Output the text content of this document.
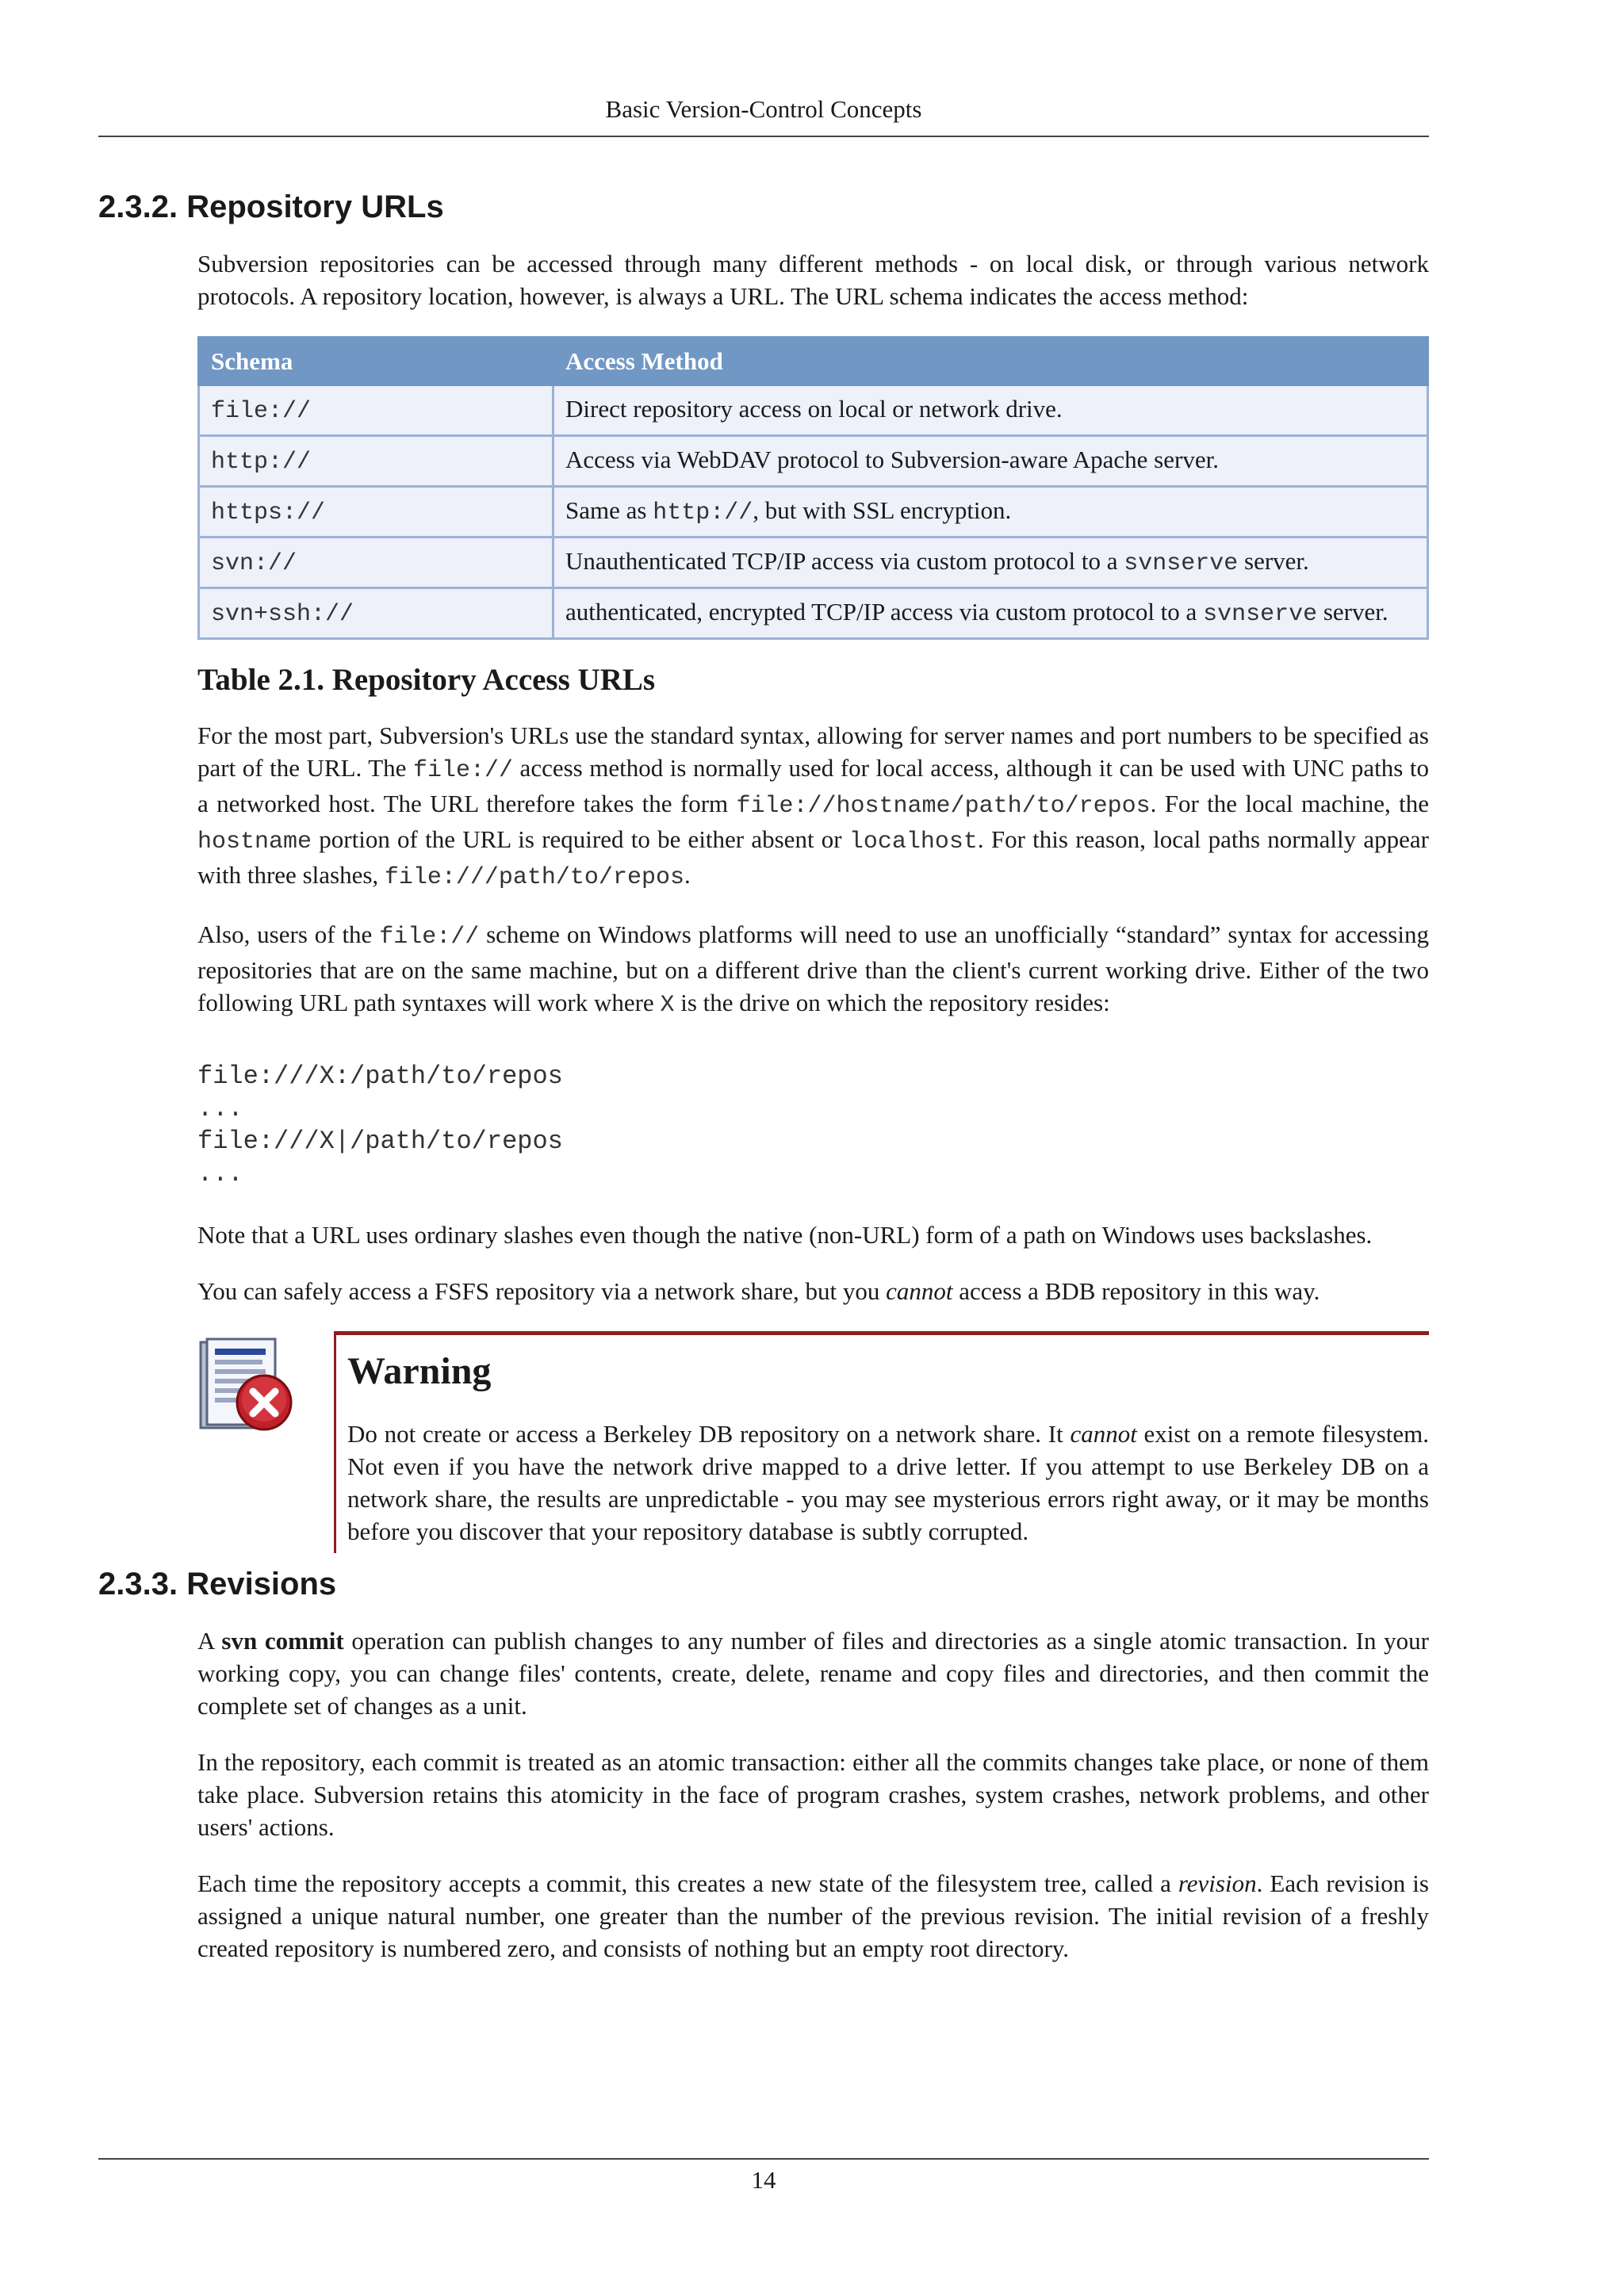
Basic Version-Control Concepts
2.3.2. Repository URLs

Subversion repositories can be accessed through many different methods - on local disk, or through various network protocols. A repository location, however, is always a URL. The URL schema indicates the access method:

Schema	Access Method
file://	Direct repository access on local or network drive.
http://	Access via WebDAV protocol to Subversion-aware Apache server.
https://	Same as http://, but with SSL encryption.
svn://	Unauthenticated TCP/IP access via custom protocol to a svnserve server.
svn+ssh://	authenticated, encrypted TCP/IP access via custom protocol to a svnserve server.
Table 2.1. Repository Access URLs

For the most part, Subversion's URLs use the standard syntax, allowing for server names and port numbers to be specified as part of the URL. The file:// access method is normally used for local access, although it can be used with UNC paths to a networked host. The URL therefore takes the form file://hostname/path/to/repos. For the local machine, the hostname portion of the URL is required to be either absent or localhost. For this reason, local paths normally appear with three slashes, file:///path/to/repos.

Also, users of the file:// scheme on Windows platforms will need to use an unofficially “standard” syntax for accessing repositories that are on the same machine, but on a different drive than the client's current working drive. Either of the two following URL path syntaxes will work where X is the drive on which the repository resides:

file:///X:/path/to/repos
...
file:///X|/path/to/repos
...

Note that a URL uses ordinary slashes even though the native (non-URL) form of a path on Windows uses backslashes.

You can safely access a FSFS repository via a network share, but you cannot access a BDB repository in this way.

Warning

Do not create or access a Berkeley DB repository on a network share. It cannot exist on a remote filesystem. Not even if you have the network drive mapped to a drive letter. If you attempt to use Berkeley DB on a network share, the results are unpredictable - you may see mysterious errors right away, or it may be months before you discover that your repository database is subtly corrupted.

2.3.3. Revisions

A svn commit operation can publish changes to any number of files and directories as a single atomic transaction. In your working copy, you can change files' contents, create, delete, rename and copy files and directories, and then commit the complete set of changes as a unit.

In the repository, each commit is treated as an atomic transaction: either all the commits changes take place, or none of them take place. Subversion retains this atomicity in the face of program crashes, system crashes, network problems, and other users' actions.

Each time the repository accepts a commit, this creates a new state of the filesystem tree, called a revision. Each revision is assigned a unique natural number, one greater than the number of the previous revision. The initial revision of a freshly created repository is numbered zero, and consists of nothing but an empty root directory.

14
